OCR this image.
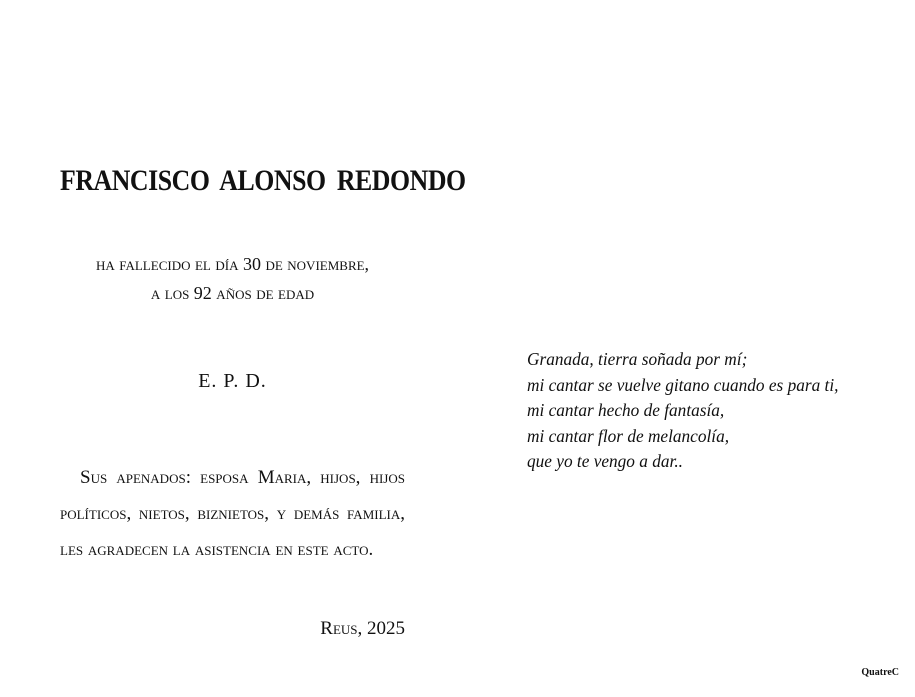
FRANCISCO ALONSO REDONDO
ha fallecido el día 30 de noviembre,
a los 92 años de edad
E. P. D.

Sus apenados: esposa Maria, hijos, hijos políticos, nietos, biznietos, y demás familia, les agradecen la asistencia en este acto.

Reus, 2025
Granada, tierra soñada por mí;
mi cantar se vuelve gitano cuando es para ti,
mi cantar hecho de fantasía,
mi cantar flor de melancolía,
que yo te vengo a dar..
QuatreC
